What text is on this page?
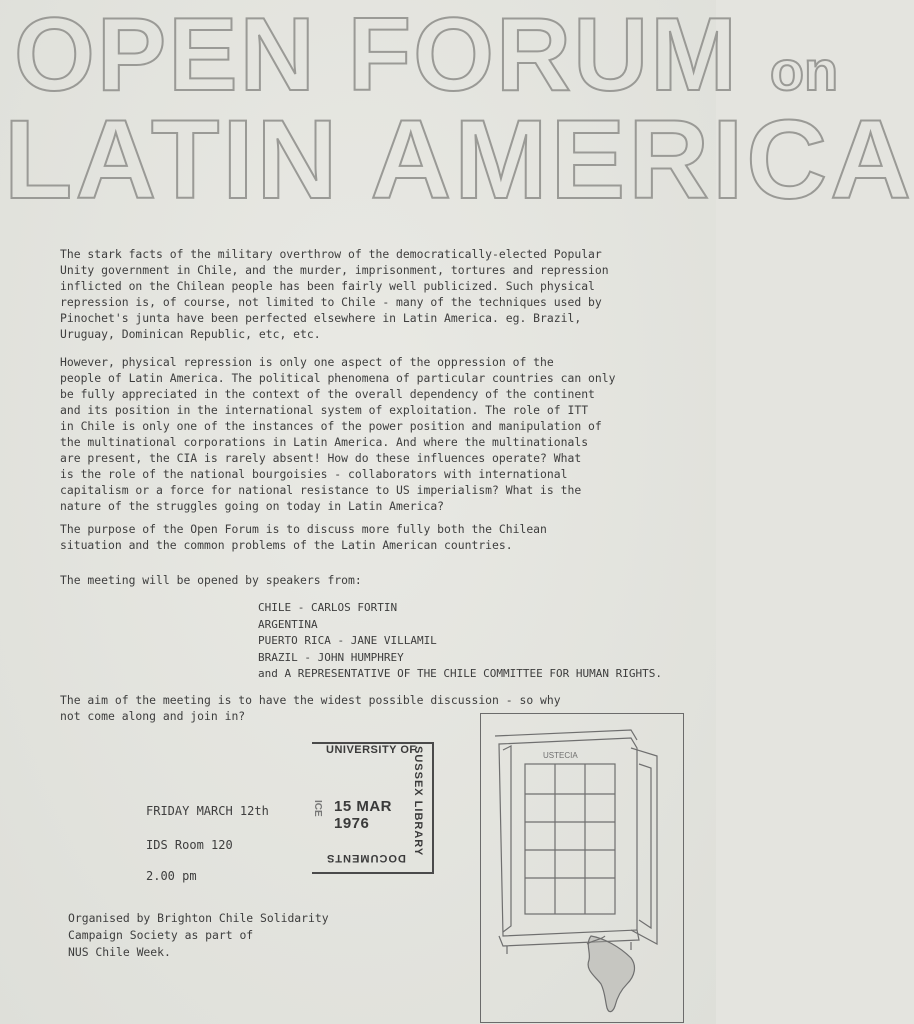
OPEN FORUM on
LATIN AMERICA

The stark facts of the military overthrow of the democratically-elected Popular
Unity government in Chile, and the murder, imprisonment, tortures and repression
inflicted on the Chilean people has been fairly well publicized. Such physical
repression is, of course, not limited to Chile - many of the techniques used by
Pinochet's junta have been perfected elsewhere in Latin America. eg. Brazil,
Uruguay, Dominican Republic, etc, etc.

However, physical repression is only one aspect of the oppression of the
people of Latin America. The political phenomena of particular countries can only
be fully appreciated in the context of the overall dependency of the continent
and its position in the international system of exploitation. The role of ITT
in Chile is only one of the instances of the power position and manipulation of
the multinational corporations in Latin America. And where the multinationals
are present, the CIA is rarely absent! How do these influences operate? What
is the role of the national bourgoisies - collaborators with international
capitalism or a force for national resistance to US imperialism? What is the
nature of the struggles going on today in Latin America?

The purpose of the Open Forum is to discuss more fully both the Chilean
situation and the common problems of the Latin American countries.

The meeting will be opened by speakers from:

CHILE - CARLOS FORTIN
ARGENTINA
PUERTO RICA - JANE VILLAMIL
BRAZIL - JOHN HUMPHREY
and A REPRESENTATIVE OF THE CHILE COMMITTEE FOR HUMAN RIGHTS.

The aim of the meeting is to have the widest possible discussion - so why
not come along and join in?

FRIDAY MARCH 12th
IDS Room 120
2.00 pm

Organised by Brighton Chile Solidarity
Campaign Society as part of
NUS Chile Week.

UNIVERSITY OF
SUSSEX LIBRARY
15 MAR 1976
DOCUMENTS
ICE
USTECIA
